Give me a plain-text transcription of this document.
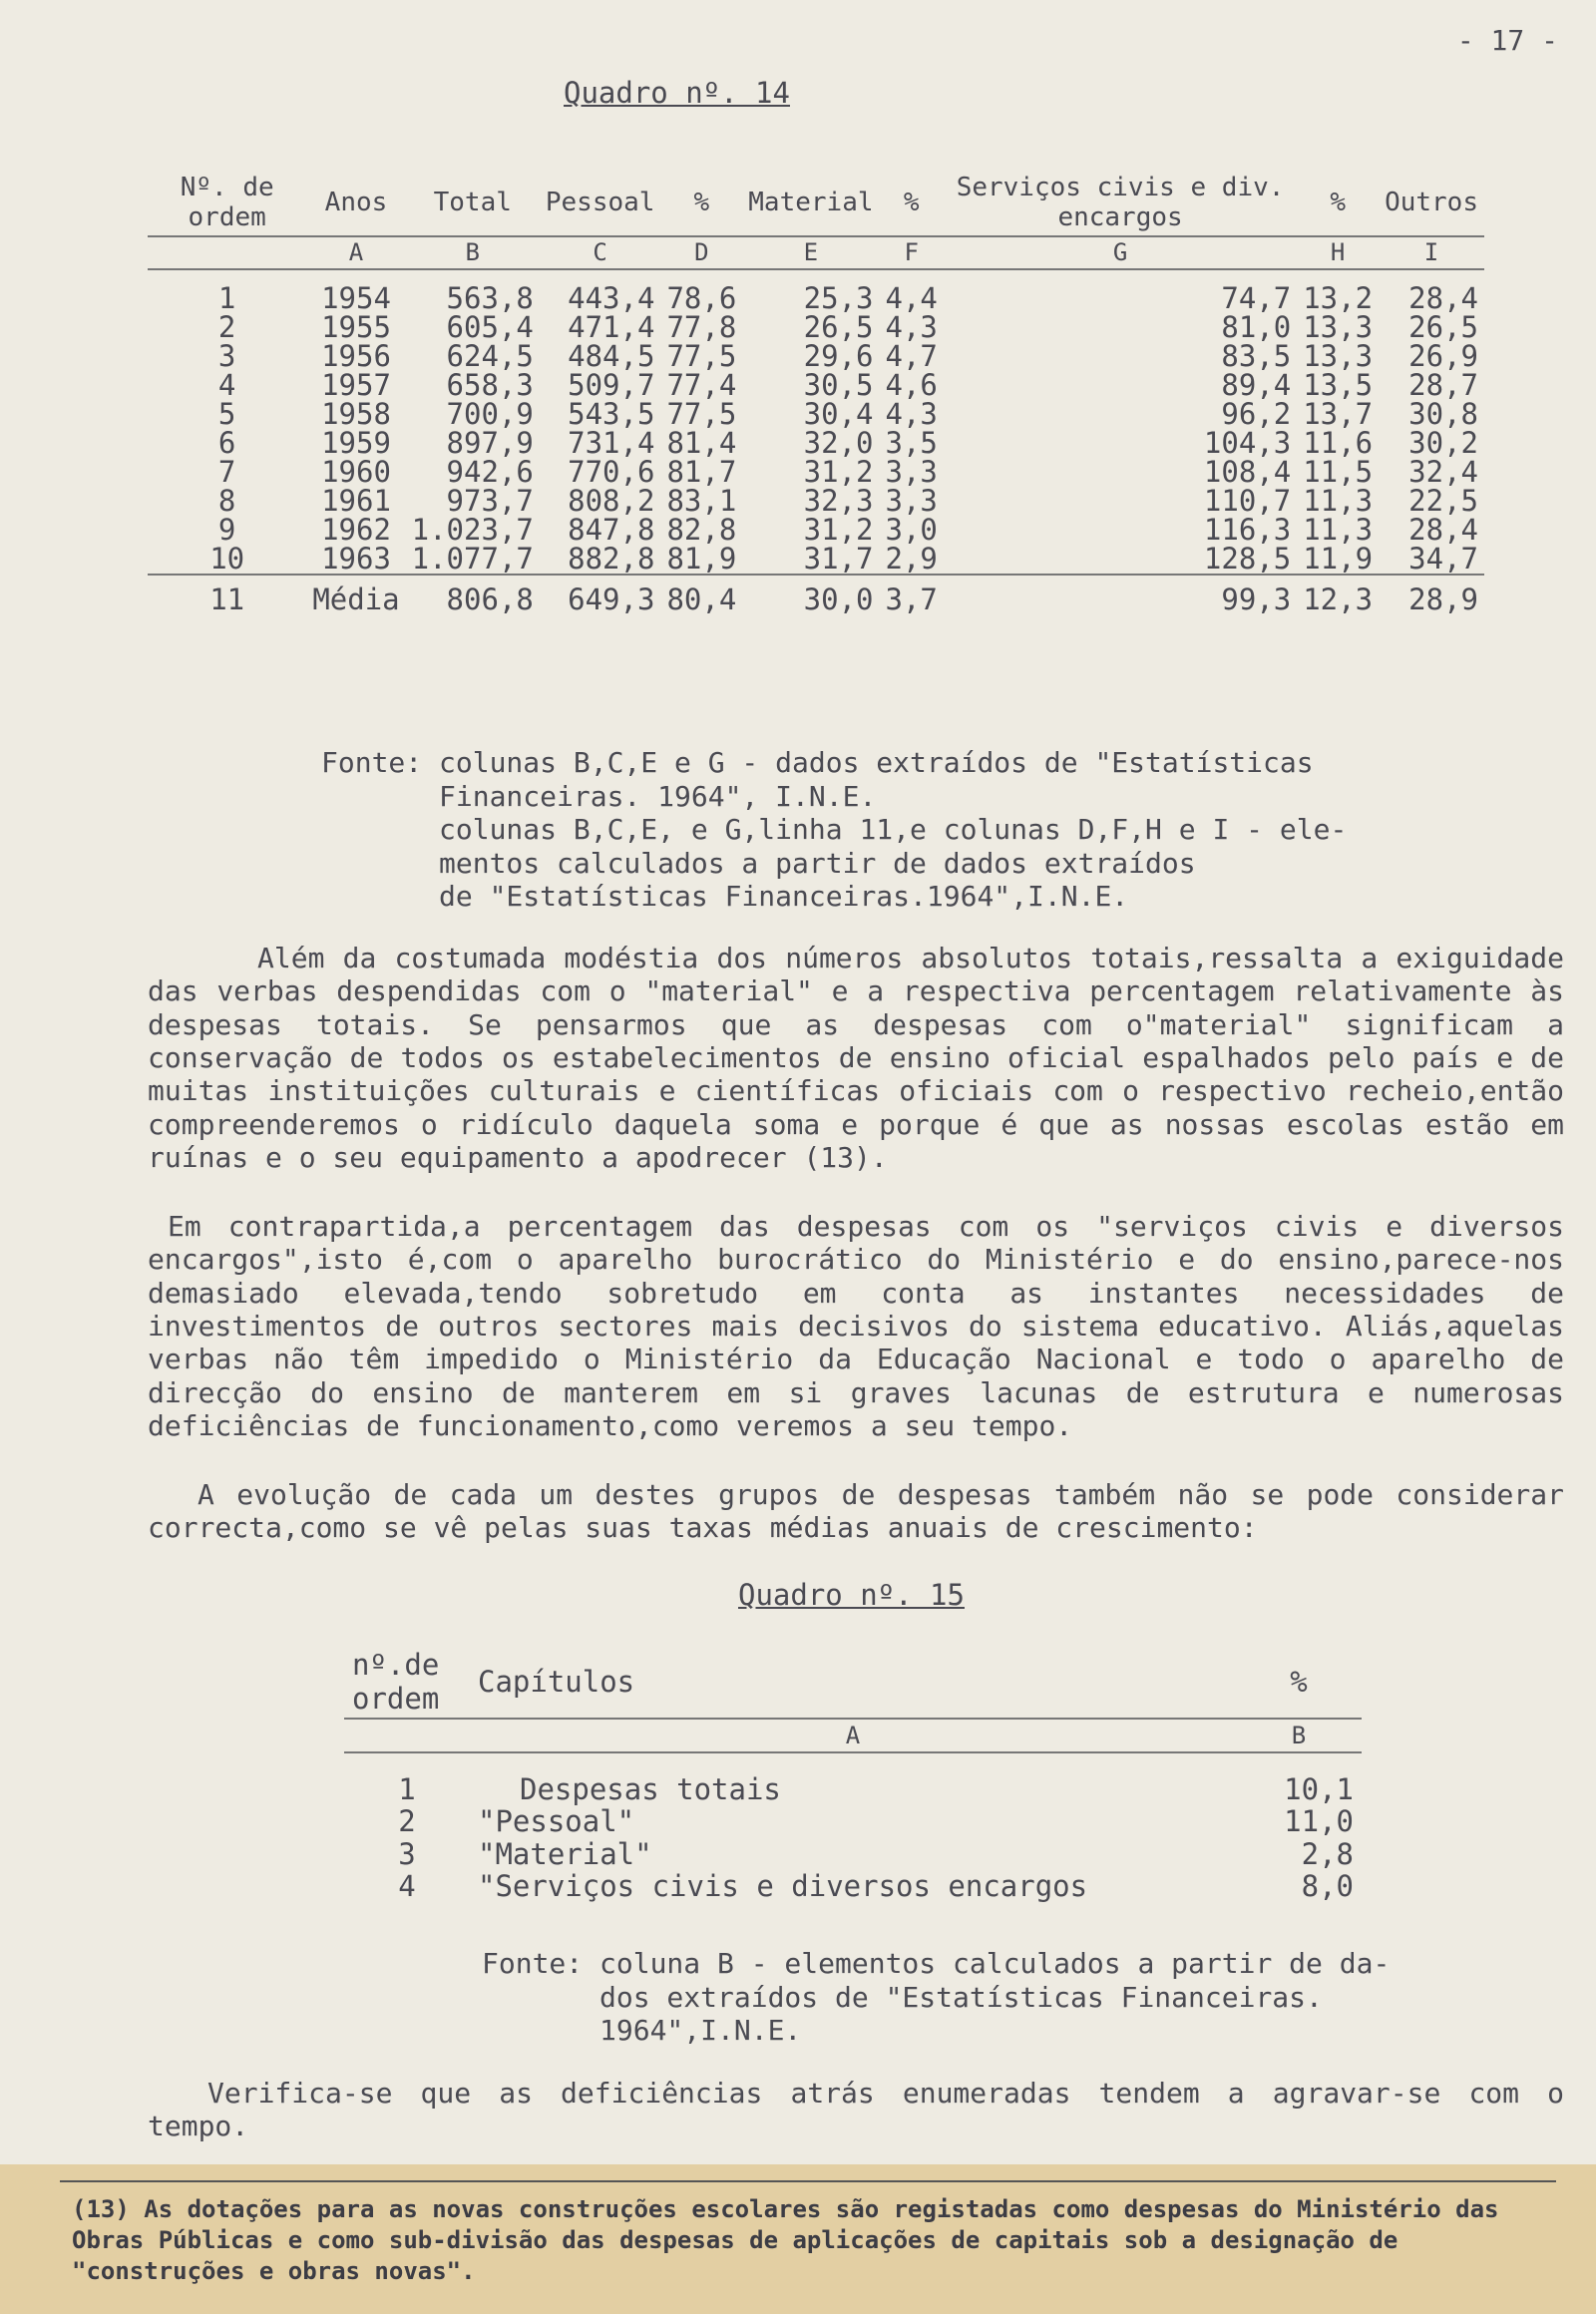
- 17 -
Quadro nº. 14
Nº. de ordem	Anos	Total	Pessoal	%	Material	%	Serviços civis e div. encargos	%	Outros
	A	B	C	D	E	F	G	H	I

1	1954	563,8	443,4	78,6	25,3	4,4	74,7	13,2	28,4
2	1955	605,4	471,4	77,8	26,5	4,3	81,0	13,3	26,5
3	1956	624,5	484,5	77,5	29,6	4,7	83,5	13,3	26,9
4	1957	658,3	509,7	77,4	30,5	4,6	89,4	13,5	28,7
5	1958	700,9	543,5	77,5	30,4	4,3	96,2	13,7	30,8
6	1959	897,9	731,4	81,4	32,0	3,5	104,3	11,6	30,2
7	1960	942,6	770,6	81,7	31,2	3,3	108,4	11,5	32,4
8	1961	973,7	808,2	83,1	32,3	3,3	110,7	11,3	22,5
9	1962	1.023,7	847,8	82,8	31,2	3,0	116,3	11,3	28,4
10	1963	1.077,7	882,8	81,9	31,7	2,9	128,5	11,9	34,7
11	Média	806,8	649,3	80,4	30,0	3,7	99,3	12,3	28,9
Fonte: colunas B,C,E e G - dados extraídos de "Estatísticas
Financeiras. 1964", I.N.E.
colunas B,C,E, e G,linha 11,e colunas D,F,H e I - ele-
mentos calculados a partir de dados extraídos
de "Estatísticas Financeiras.1964",I.N.E.
Além da costumada modéstia dos números absolutos totais,ressalta a exiguidade das verbas despendidas com o "material" e a respectiva percentagem relativamente às despesas totais. Se pensarmos que as despesas com o"material" significam a conservação de todos os estabelecimentos de ensino oficial espalhados pelo país e de muitas instituições culturais e científicas oficiais com o respectivo recheio,então compreenderemos o ridículo daquela soma e porque é que as nossas escolas estão em ruínas e o seu equipamento a apodrecer (13).
Em contrapartida,a percentagem das despesas com os "serviços civis e diversos encargos",isto é,com o aparelho burocrático do Ministério e do ensino,parece-nos demasiado elevada,tendo sobretudo em conta as instantes necessidades de investimentos de outros sectores mais decisivos do sistema educativo. Aliás,aquelas verbas não têm impedido o Ministério da Educação Nacional e todo o aparelho de direcção do ensino de manterem em si graves lacunas de estrutura e numerosas deficiências de funcionamento,como veremos a seu tempo.
A evolução de cada um destes grupos de despesas também não se pode considerar correcta,como se vê pelas suas taxas médias anuais de crescimento:
Quadro nº. 15
nº.de ordem	Capítulos	%
	A	B

1	Despesas totais	10,1
2	"Pessoal"	11,0
3	"Material"	2,8
4	"Serviços civis e diversos encargos	8,0
Fonte: coluna B - elementos calculados a partir de da-
dos extraídos de "Estatísticas Financeiras.
1964",I.N.E.
Verifica-se que as deficiências atrás enumeradas tendem a agravar-se com o tempo.
(13) As dotações para as novas construções escolares são registadas como despesas do Ministério das Obras Públicas e como sub-divisão das despesas de aplicações de capitais sob a designação de "construções e obras novas".
